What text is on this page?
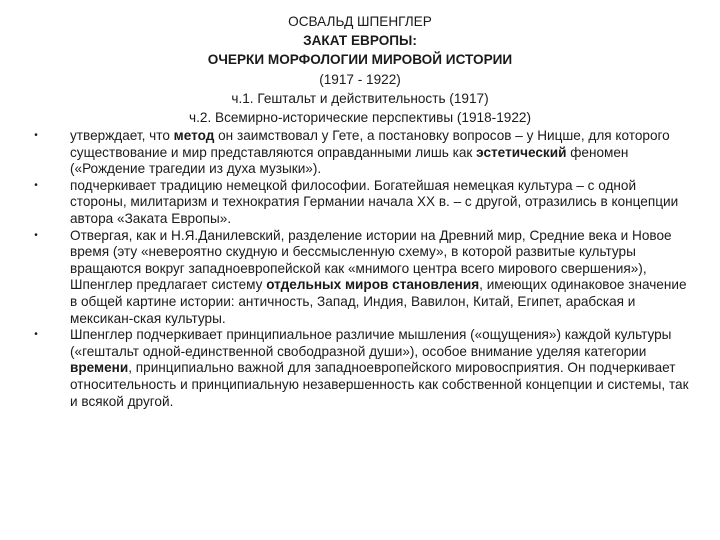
ОСВАЛЬД ШПЕНГЛЕР
ЗАКАТ ЕВРОПЫ:
ОЧЕРКИ МОРФОЛОГИИ МИРОВОЙ ИСТОРИИ
(1917 - 1922)
ч.1. Гештальт и действительность (1917)
ч.2. Всемирно-исторические перспективы (1918-1922)
•	утверждает, что метод он заимствовал у Гете, а постановку вопросов – у Ницше, для которого существование и мир представляются оправданными лишь как эстетический феномен («Рождение трагедии из духа музыки»).
•	подчеркивает традицию немецкой философии. Богатейшая немецкая культура – с одной стороны, милитаризм и технократия Германии начала XX в. – с другой, отразились в концепции автора «Заката Европы».
•	Отвергая, как и Н.Я.Данилевский, разделение истории на Древний мир, Средние века и Новое время (эту «невероятно скудную и бессмысленную схему», в которой развитые культуры вращаются вокруг западноевропейской как «мнимого центра всего мирового свершения»), Шпенглер предлагает систему отдельных миров становления, имеющих одинаковое значение в общей картине истории: античность, Запад, Индия, Вавилон, Китай, Египет, арабская и мексикан-ская культуры.
•	Шпенглер подчеркивает принципиальное различие мышления («ощущения») каждой культуры («гештальт одной-единственной свободразной души»), особое внимание уделяя категории времени, принципиально важной для западноевропейского мировосприятия. Он подчеркивает относительность и принципиальную незавершенность как собственной концепции и системы, так и всякой другой.
